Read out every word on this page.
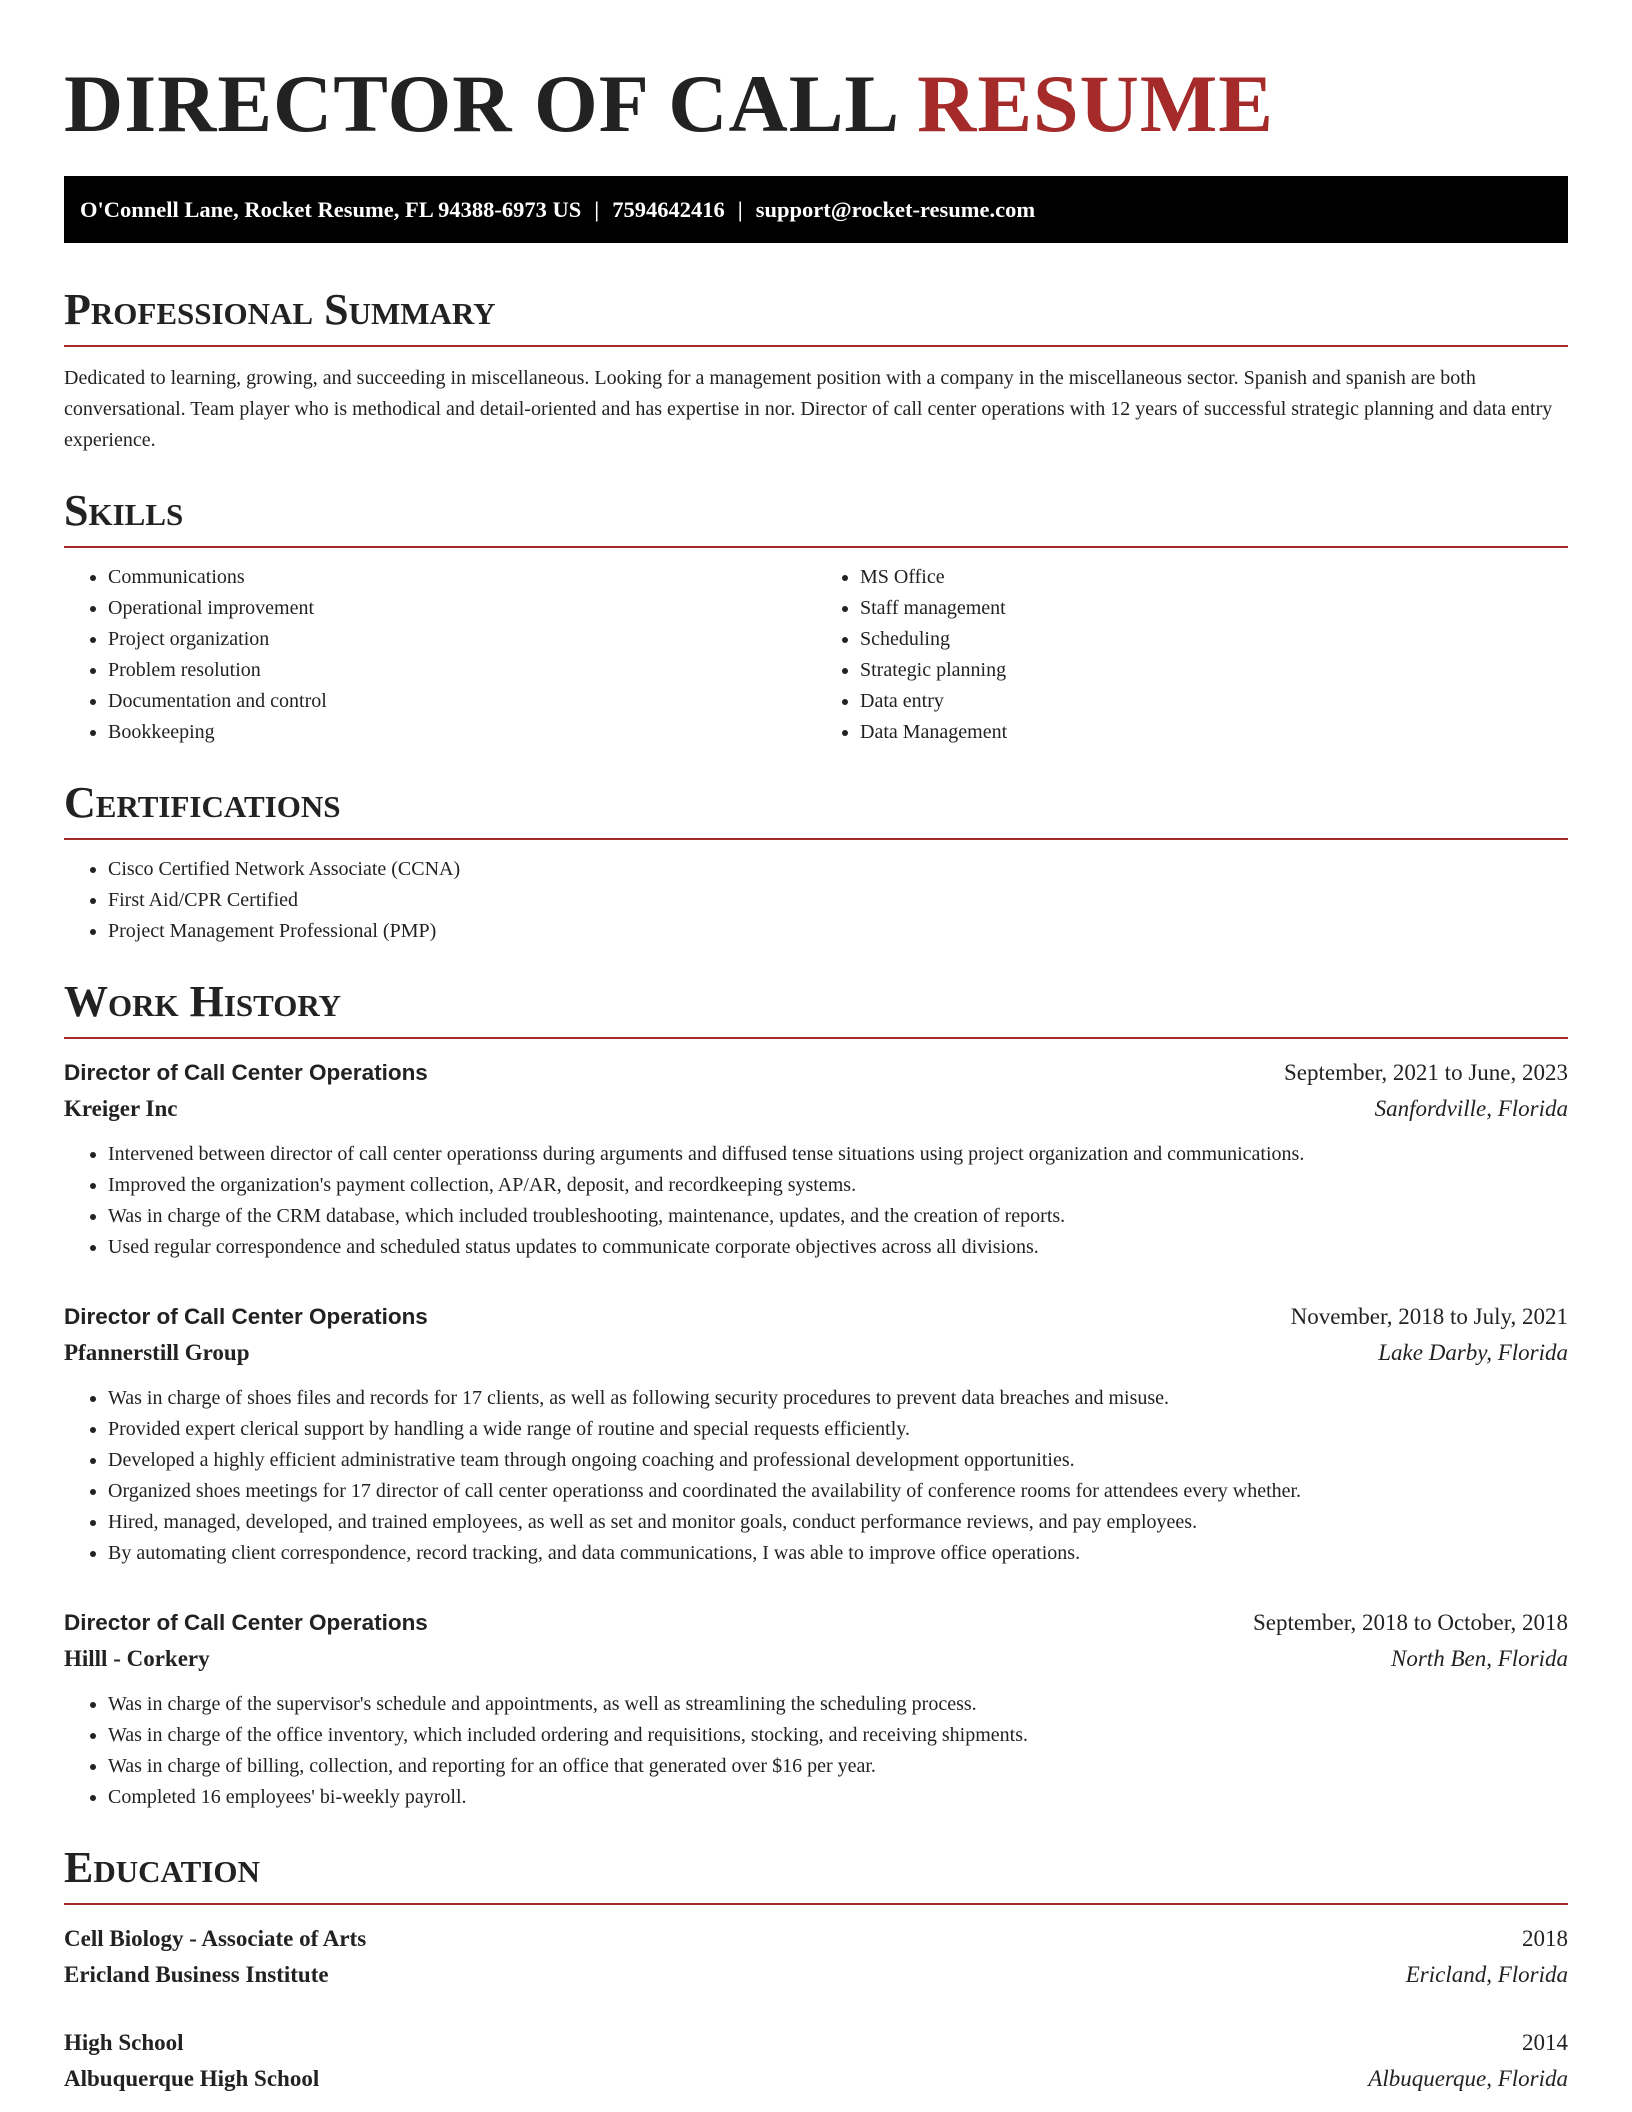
DIRECTOR OF CALL RESUME
O'Connell Lane, Rocket Resume, FL 94388-6973 US | 7594642416 | support@rocket-resume.com
Professional Summary

Dedicated to learning, growing, and succeeding in miscellaneous. Looking for a management position with a company in the miscellaneous sector. Spanish and spanish are both conversational. Team player who is methodical and detail-oriented and has expertise in nor. Director of call center operations with 12 years of successful strategic planning and data entry experience.

Skills
• Communications
• Operational improvement
• Project organization
• Problem resolution
• Documentation and control
• Bookkeeping
• MS Office
• Staff management
• Scheduling
• Strategic planning
• Data entry
• Data Management
Certifications
• Cisco Certified Network Associate (CCNA)
• First Aid/CPR Certified
• Project Management Professional (PMP)
Work History
Director of Call Center Operations	September, 2021 to June, 2023
Kreiger Inc	Sanfordville, Florida
• Intervened between director of call center operationss during arguments and diffused tense situations using project organization and communications.
• Improved the organization's payment collection, AP/AR, deposit, and recordkeeping systems.
• Was in charge of the CRM database, which included troubleshooting, maintenance, updates, and the creation of reports.
• Used regular correspondence and scheduled status updates to communicate corporate objectives across all divisions.
Director of Call Center Operations	November, 2018 to July, 2021
Pfannerstill Group	Lake Darby, Florida
• Was in charge of shoes files and records for 17 clients, as well as following security procedures to prevent data breaches and misuse.
• Provided expert clerical support by handling a wide range of routine and special requests efficiently.
• Developed a highly efficient administrative team through ongoing coaching and professional development opportunities.
• Organized shoes meetings for 17 director of call center operationss and coordinated the availability of conference rooms for attendees every whether.
• Hired, managed, developed, and trained employees, as well as set and monitor goals, conduct performance reviews, and pay employees.
• By automating client correspondence, record tracking, and data communications, I was able to improve office operations.
Director of Call Center Operations	September, 2018 to October, 2018
Hilll - Corkery	North Ben, Florida
• Was in charge of the supervisor's schedule and appointments, as well as streamlining the scheduling process.
• Was in charge of the office inventory, which included ordering and requisitions, stocking, and receiving shipments.
• Was in charge of billing, collection, and reporting for an office that generated over $16 per year.
• Completed 16 employees' bi-weekly payroll.
Education
Cell Biology - Associate of Arts	2018
Ericland Business Institute	Ericland, Florida
High School	2014
Albuquerque High School	Albuquerque, Florida
